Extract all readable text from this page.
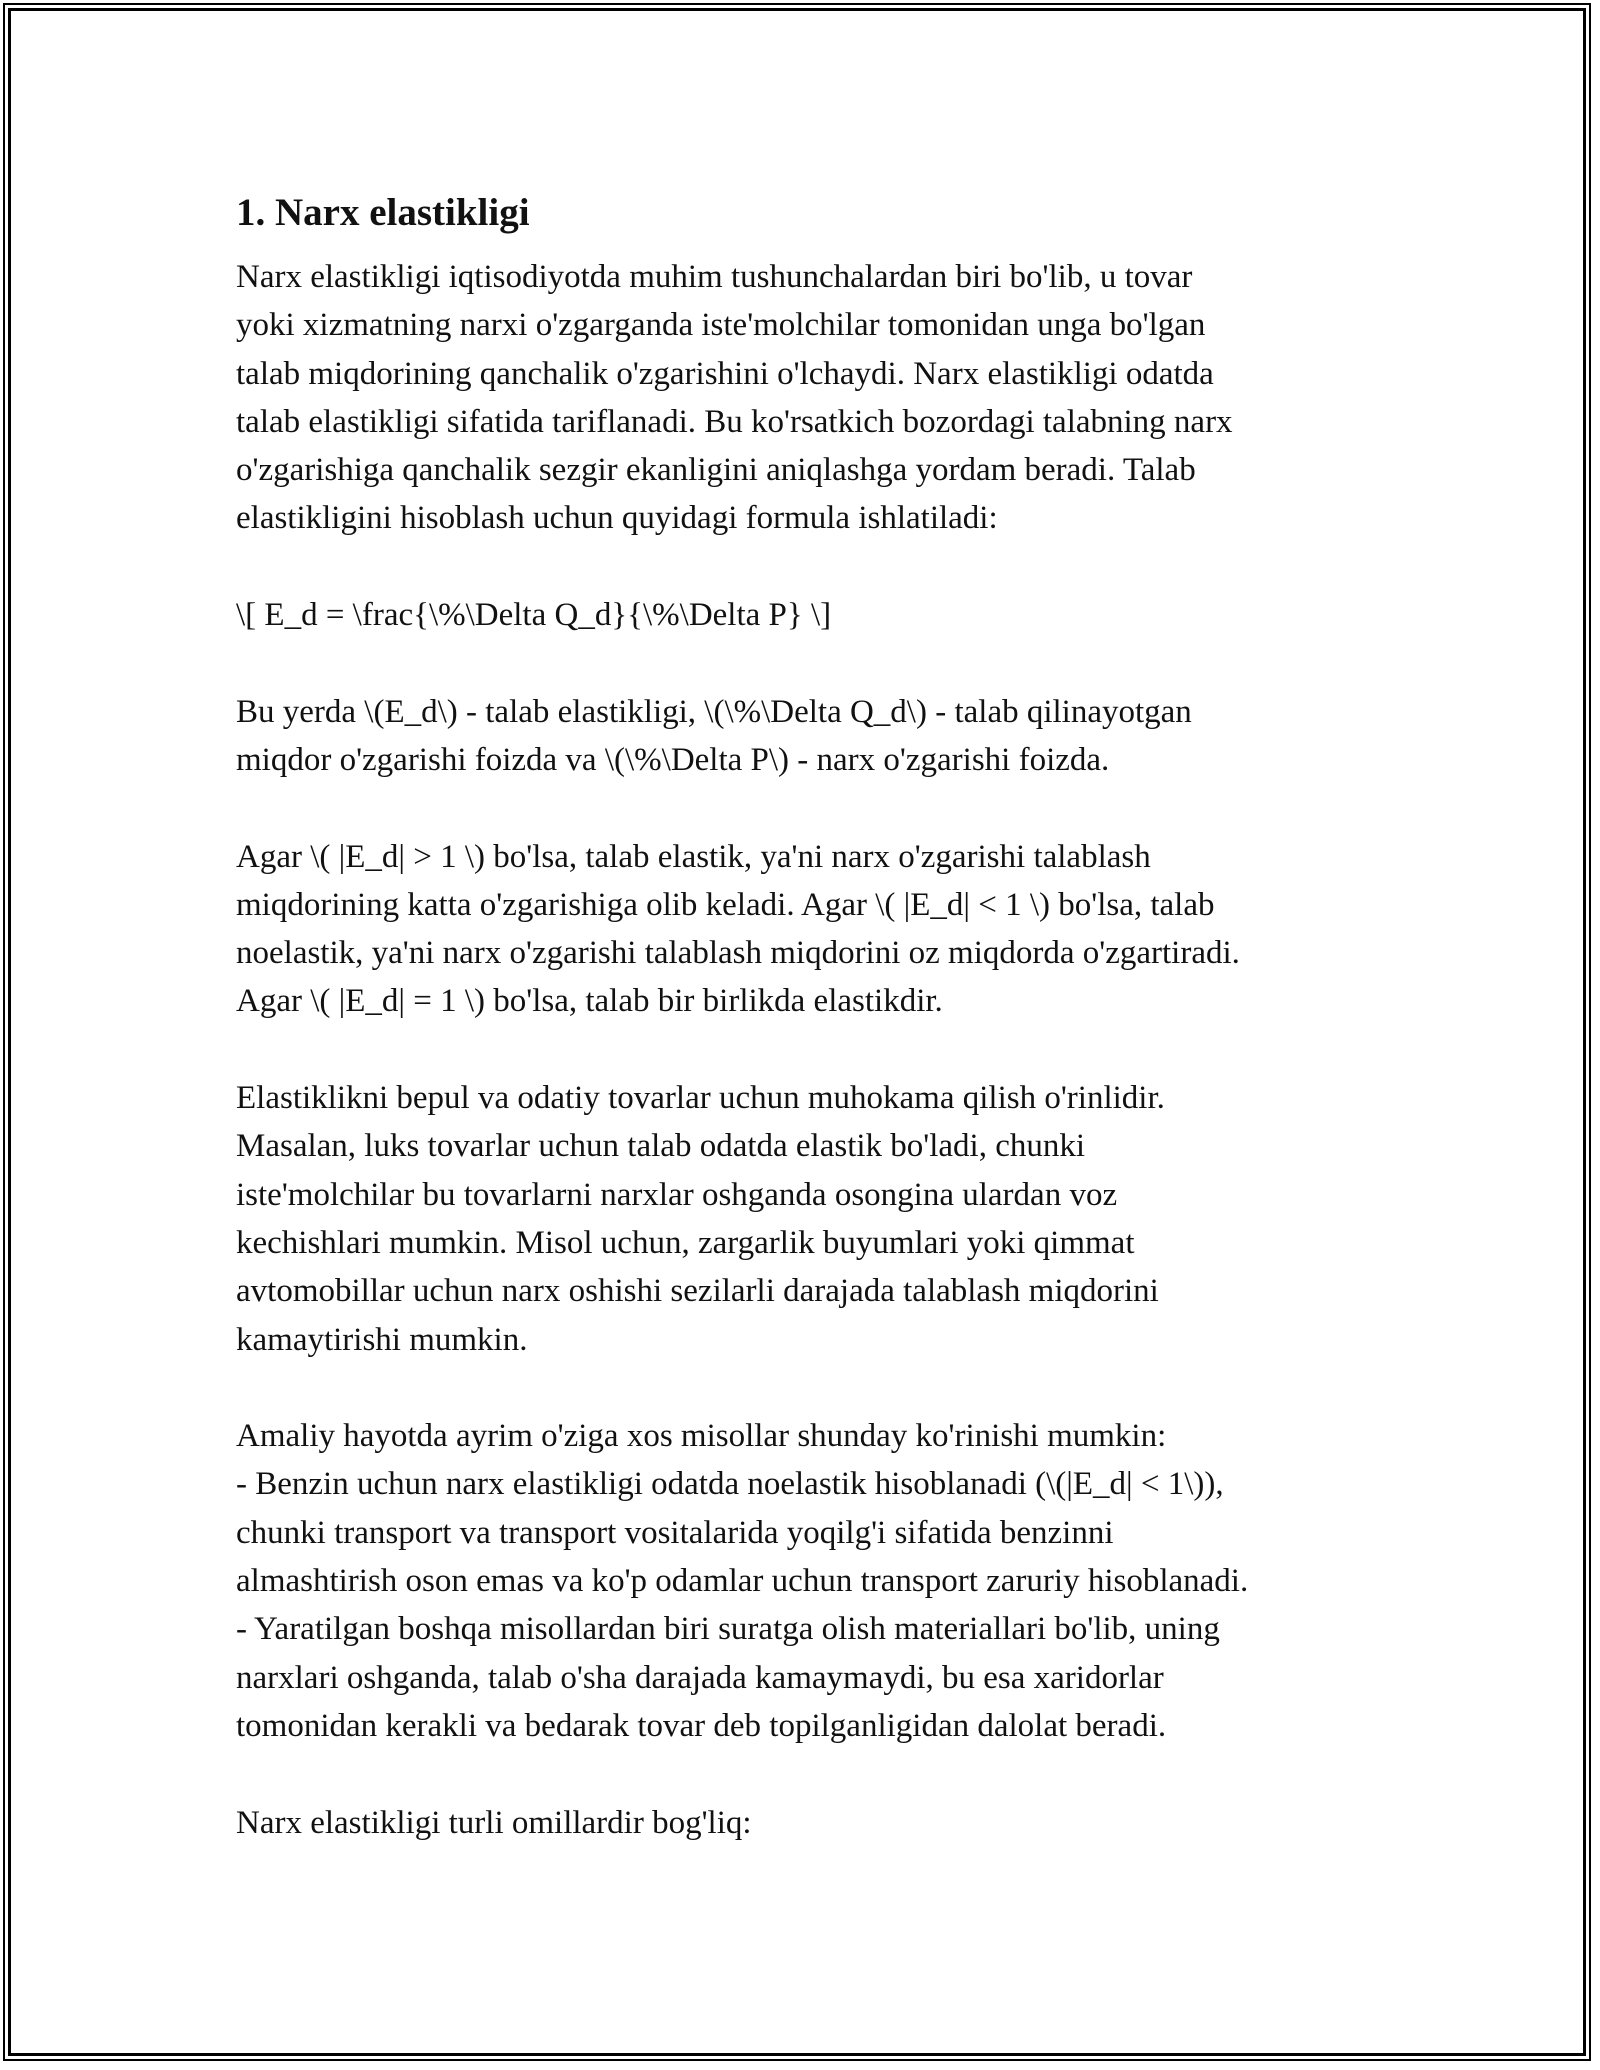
1. Narx elastikligi
Narx elastikligi iqtisodiyotda muhim tushunchalardan biri bo'lib, u tovar
yoki xizmatning narxi o'zgarganda iste'molchilar tomonidan unga bo'lgan
talab miqdorining qanchalik o'zgarishini o'lchaydi. Narx elastikligi odatda
talab elastikligi sifatida tariflanadi. Bu ko'rsatkich bozordagi talabning narx
o'zgarishiga qanchalik sezgir ekanligini aniqlashga yordam beradi. Talab
elastikligini hisoblash uchun quyidagi formula ishlatiladi:
\[ E_d = \frac{\%\Delta Q_d}{\%\Delta P} \]
Bu yerda \(E_d\) - talab elastikligi, \(\%\Delta Q_d\) - talab qilinayotgan
miqdor o'zgarishi foizda va \(\%\Delta P\) - narx o'zgarishi foizda.
Agar \( |E_d| > 1 \) bo'lsa, talab elastik, ya'ni narx o'zgarishi talablash
miqdorining katta o'zgarishiga olib keladi. Agar \( |E_d| < 1 \) bo'lsa, talab
noelastik, ya'ni narx o'zgarishi talablash miqdorini oz miqdorda o'zgartiradi.
Agar \( |E_d| = 1 \) bo'lsa, talab bir birlikda elastikdir.
Elastiklikni bepul va odatiy tovarlar uchun muhokama qilish o'rinlidir.
Masalan, luks tovarlar uchun talab odatda elastik bo'ladi, chunki
iste'molchilar bu tovarlarni narxlar oshganda osongina ulardan voz
kechishlari mumkin. Misol uchun, zargarlik buyumlari yoki qimmat
avtomobillar uchun narx oshishi sezilarli darajada talablash miqdorini
kamaytirishi mumkin.
Amaliy hayotda ayrim o'ziga xos misollar shunday ko'rinishi mumkin:
- Benzin uchun narx elastikligi odatda noelastik hisoblanadi (\(|E_d| < 1\)),
chunki transport va transport vositalarida yoqilg'i sifatida benzinni
almashtirish oson emas va ko'p odamlar uchun transport zaruriy hisoblanadi.
- Yaratilgan boshqa misollardan biri suratga olish materiallari bo'lib, uning
narxlari oshganda, talab o'sha darajada kamaymaydi, bu esa xaridorlar
tomonidan kerakli va bedarak tovar deb topilganligidan dalolat beradi.
Narx elastikligi turli omillardir bog'liq:
